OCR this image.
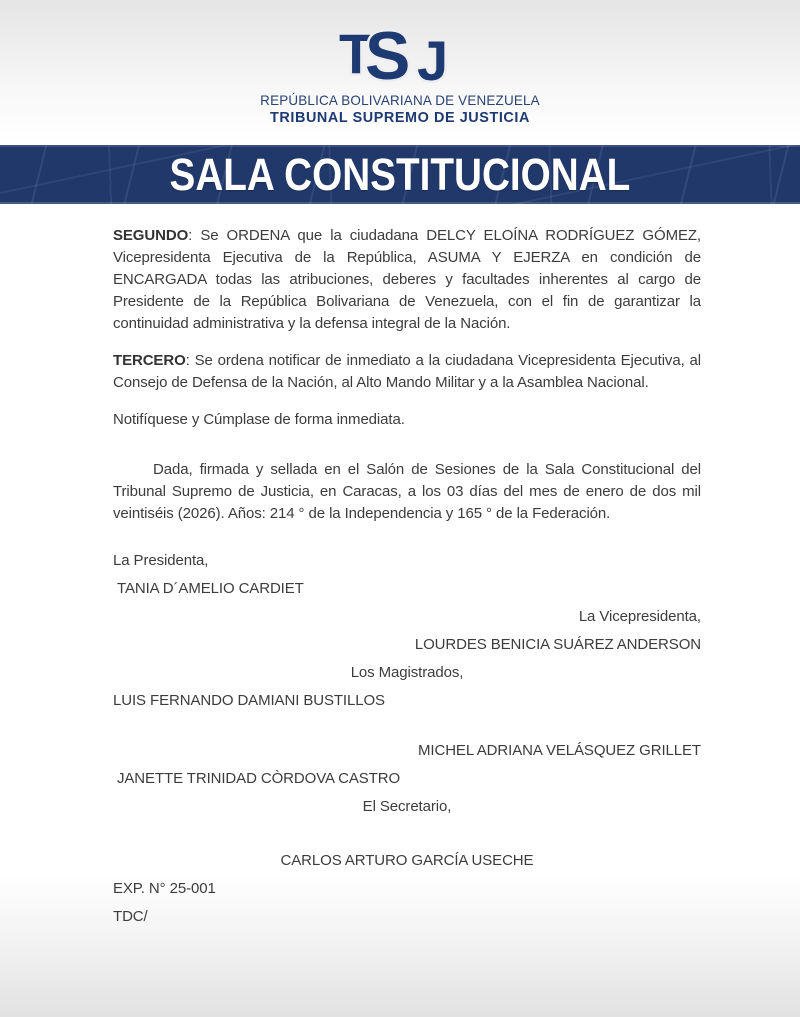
T J
S
REPÚBLICA BOLIVARIANA DE VENEZUELA
TRIBUNAL SUPREMO DE JUSTICIA
SALA CONSTITUCIONAL

SEGUNDO: Se ORDENA que la ciudadana DELCY ELOÍNA RODRÍGUEZ GÓMEZ, Vicepresidenta Ejecutiva de la República, ASUMA Y EJERZA en condición de ENCARGADA todas las atribuciones, deberes y facultades inherentes al cargo de Presidente de la República Bolivariana de Venezuela, con el fin de garantizar la continuidad administrativa y la defensa integral de la Nación.

TERCERO: Se ordena notificar de inmediato a la ciudadana Vicepresidenta Ejecutiva, al Consejo de Defensa de la Nación, al Alto Mando Militar y a la Asamblea Nacional.

Notifíquese y Cúmplase de forma inmediata.

Dada, firmada y sellada en el Salón de Sesiones de la Sala Constitucional del Tribunal Supremo de Justicia, en Caracas, a los 03 días del mes de enero de dos mil veintiséis (2026). Años: 214 ° de la Independencia y 165 ° de la Federación.

La Presidenta,
TANIA D´AMELIO CARDIET
La Vicepresidenta,
LOURDES BENICIA SUÁREZ ANDERSON
Los Magistrados,
LUIS FERNANDO DAMIANI BUSTILLOS
MICHEL ADRIANA VELÁSQUEZ GRILLET
JANETTE TRINIDAD CÒRDOVA CASTRO
El Secretario,
CARLOS ARTURO GARCÍA USECHE
EXP. N° 25-001
TDC/
